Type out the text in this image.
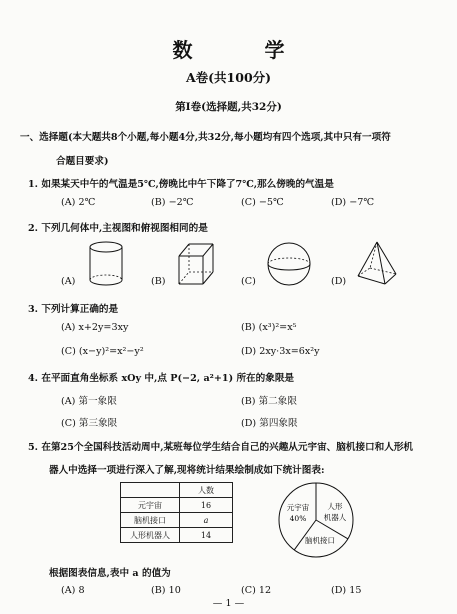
数　学
A卷(共100分)
第Ⅰ卷(选择题,共32分)
一、选择题(本大题共8个小题,每小题4分,共32分,每小题均有四个选项,其中只有一项符
合题目要求)
1. 如果某天中午的气温是5℃,傍晚比中午下降了7℃,那么傍晚的气温是
(A) 2℃	(B) −2℃	(C) −5℃	(D) −7℃
2. 下列几何体中,主视图和俯视图相同的是
(A)	(B)	(C)	(D)
3. 下列计算正确的是
(A) x+2y=3xy	(B) (x³)²=x⁵
(C) (x−y)²=x²−y²	(D) 2xy·3x=6x²y
4. 在平面直角坐标系 xOy 中,点 P(−2, a²+1) 所在的象限是
(A) 第一象限	(B) 第二象限
(C) 第三象限	(D) 第四象限
5. 在第25个全国科技活动周中,某班每位学生结合自己的兴趣从元宇宙、脑机接口和人形机
器人中选择一项进行深入了解,现将统计结果绘制成如下统计图表:
	人数
元宇宙	16
脑机接口	a
人形机器人	14
元宇宙
40%
人形
机器人
脑机接口
根据图表信息,表中 a 的值为
(A) 8	(B) 10	(C) 12	(D) 15
— 1 —
